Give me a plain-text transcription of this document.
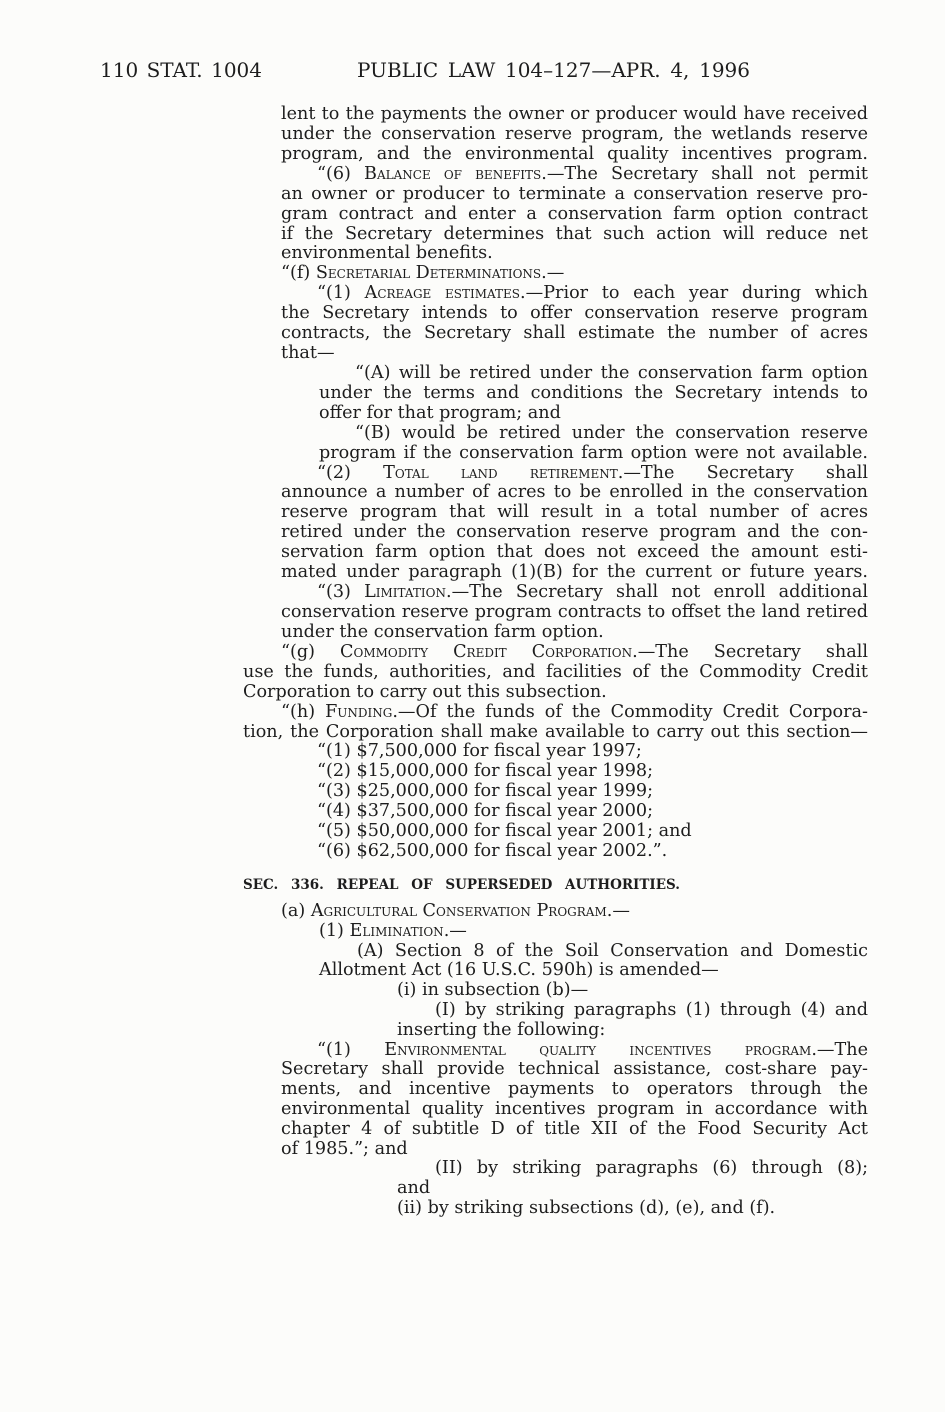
110 STAT. 1004	PUBLIC LAW 104–127—APR. 4, 1996
lent to the payments the owner or producer would have received
under the conservation reserve program, the wetlands reserve
program, and the environmental quality incentives program.
“(6) Balance of benefits.—The Secretary shall not permit
an owner or producer to terminate a conservation reserve pro-
gram contract and enter a conservation farm option contract
if the Secretary determines that such action will reduce net
environmental benefits.
“(f) Secretarial Determinations.—
“(1) Acreage estimates.—Prior to each year during which
the Secretary intends to offer conservation reserve program
contracts, the Secretary shall estimate the number of acres
that—
“(A) will be retired under the conservation farm option
under the terms and conditions the Secretary intends to
offer for that program; and
“(B) would be retired under the conservation reserve
program if the conservation farm option were not available.
“(2) Total land retirement.—The Secretary shall
announce a number of acres to be enrolled in the conservation
reserve program that will result in a total number of acres
retired under the conservation reserve program and the con-
servation farm option that does not exceed the amount esti-
mated under paragraph (1)(B) for the current or future years.
“(3) Limitation.—The Secretary shall not enroll additional
conservation reserve program contracts to offset the land retired
under the conservation farm option.
“(g) Commodity Credit Corporation.—The Secretary shall
use the funds, authorities, and facilities of the Commodity Credit
Corporation to carry out this subsection.
“(h) Funding.—Of the funds of the Commodity Credit Corpora-
tion, the Corporation shall make available to carry out this section—
“(1) $7,500,000 for fiscal year 1997;
“(2) $15,000,000 for fiscal year 1998;
“(3) $25,000,000 for fiscal year 1999;
“(4) $37,500,000 for fiscal year 2000;
“(5) $50,000,000 for fiscal year 2001; and
“(6) $62,500,000 for fiscal year 2002.”.
SEC. 336. REPEAL OF SUPERSEDED AUTHORITIES.
(a) Agricultural Conservation Program.—
(1) Elimination.—
(A) Section 8 of the Soil Conservation and Domestic
Allotment Act (16 U.S.C. 590h) is amended—
(i) in subsection (b)—
(I) by striking paragraphs (1) through (4) and
inserting the following:
“(1) Environmental quality incentives program.—The
Secretary shall provide technical assistance, cost-share pay-
ments, and incentive payments to operators through the
environmental quality incentives program in accordance with
chapter 4 of subtitle D of title XII of the Food Security Act
of 1985.”; and
(II) by striking paragraphs (6) through (8);
and
(ii) by striking subsections (d), (e), and (f).
